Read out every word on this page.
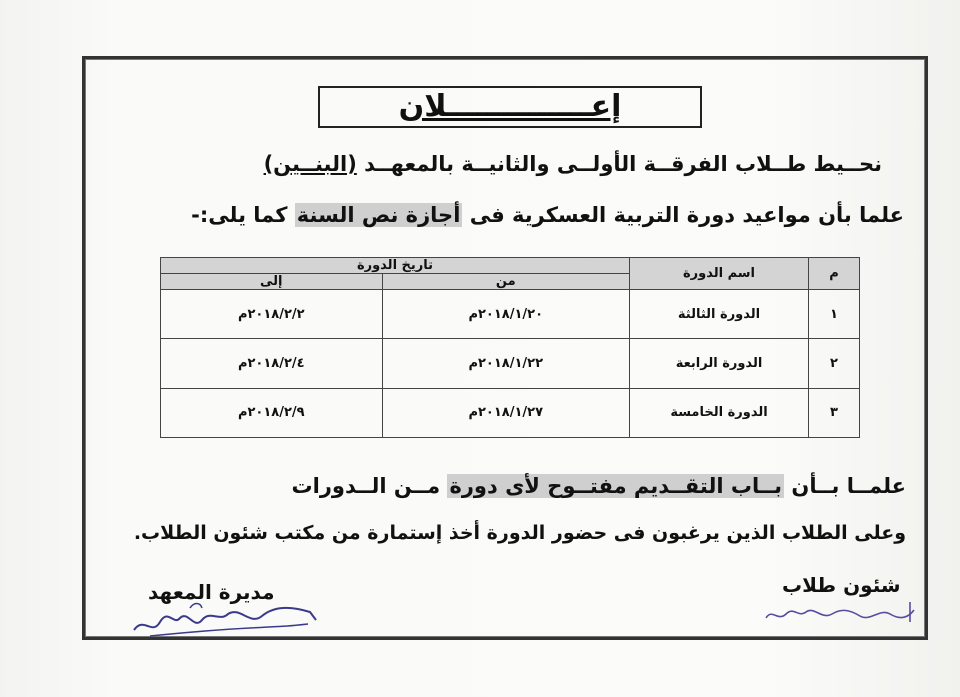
إعــــــــــــــلان
نحــيط طــلاب الفرقــة الأولــى والثانيــة بالمعهــد (البنــين)
علما بأن مواعيد دورة التربية العسكرية فى أجازة نص السنة كما يلى:-
م	اسم الدورة	تاريخ الدورة	
		من	إلى
١	الدورة الثالثة	٢٠١٨/١/٢٠م	٢٠١٨/٢/٢م
٢	الدورة الرابعة	٢٠١٨/١/٢٢م	٢٠١٨/٢/٤م
٣	الدورة الخامسة	٢٠١٨/١/٢٧م	٢٠١٨/٢/٩م
علمــا بــأن بــاب التقــديم مفتــوح لأى دورة مــن الــدورات
وعلى الطلاب الذين يرغبون فى حضور الدورة أخذ إستمارة من مكتب شئون الطلاب.
مديرة المعهد	شئون طلاب
